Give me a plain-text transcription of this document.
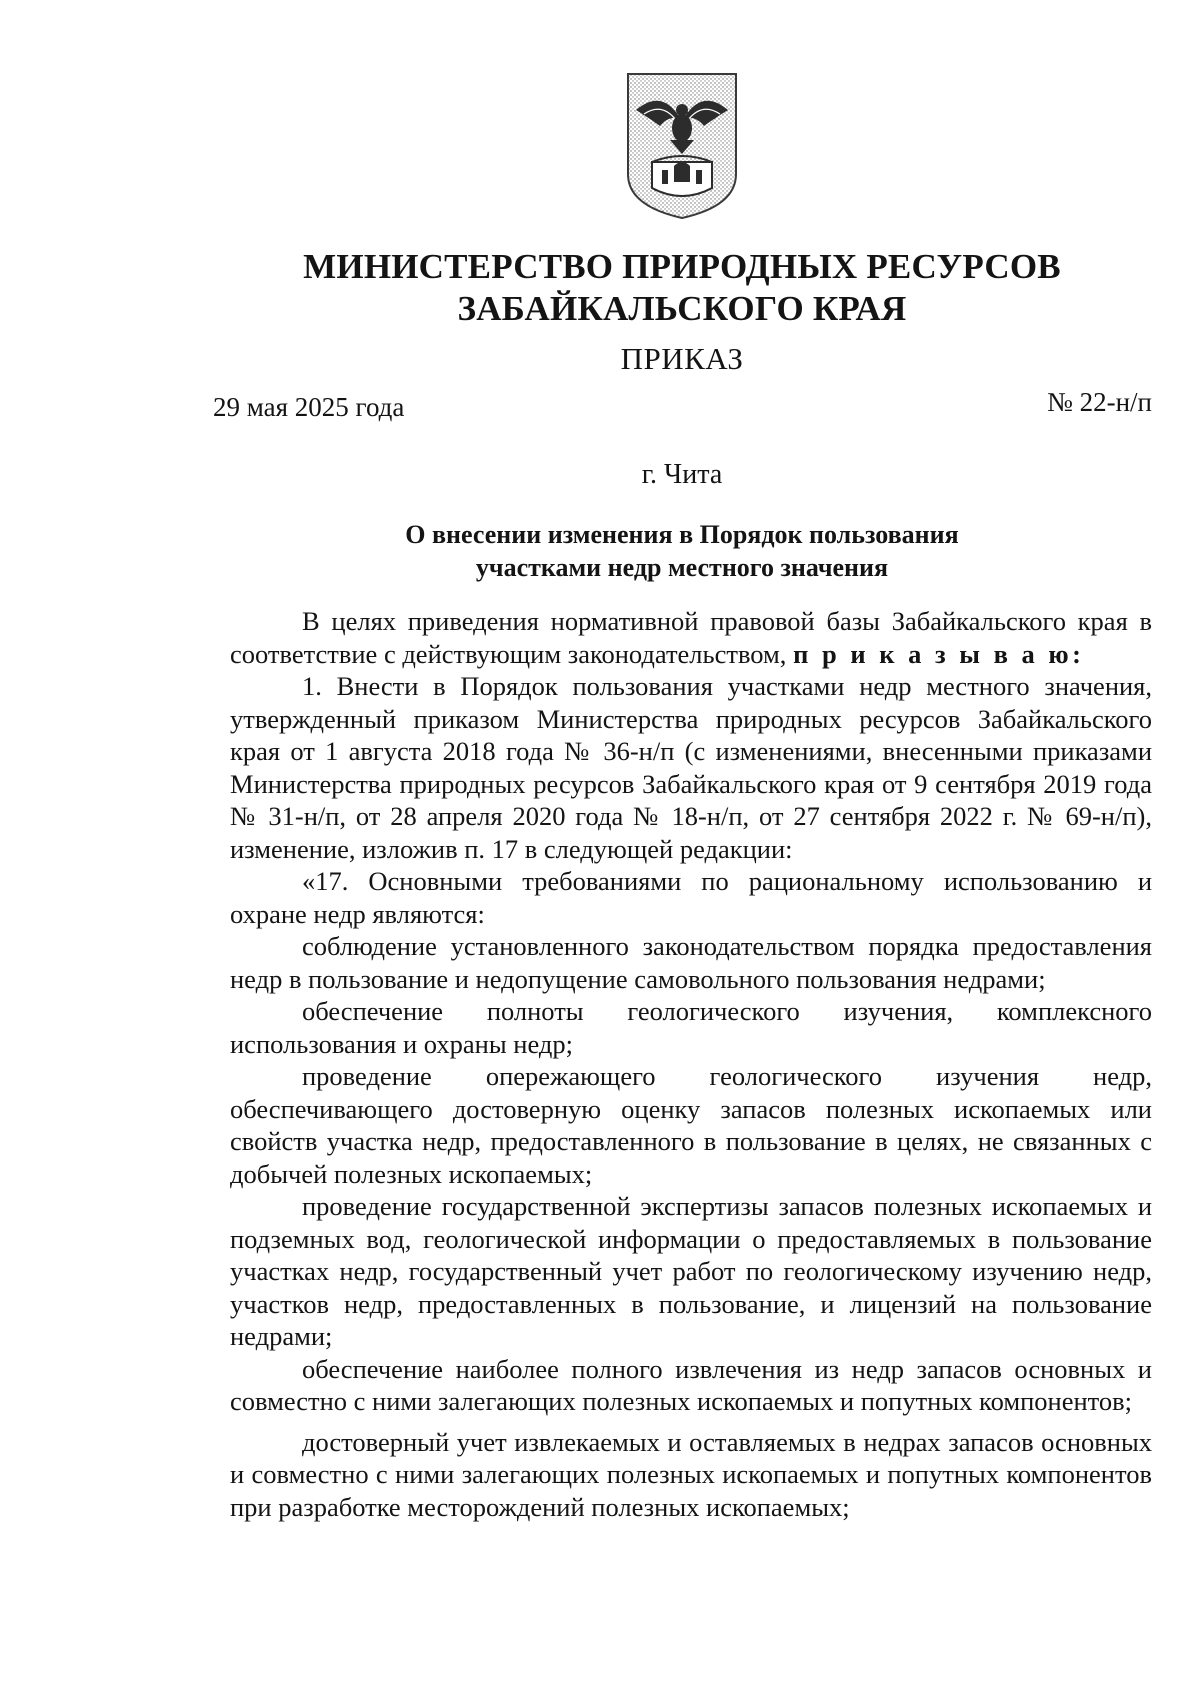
МИНИСТЕРСТВО ПРИРОДНЫХ РЕСУРСОВ
ЗАБАЙКАЛЬСКОГО КРАЯ
ПРИКАЗ
29 мая 2025 года	№ 22-н/п
г. Чита
О внесении изменения в Порядок пользования
участками недр местного значения

В целях приведения нормативной правовой базы Забайкальского края в соответствие с действующим законодательством, п р и к а з ы в а ю:

1. Внести в Порядок пользования участками недр местного значения, утвержденный приказом Министерства природных ресурсов Забайкальского края от 1 августа 2018 года № 36-н/п (с изменениями, внесенными приказами Министерства природных ресурсов Забайкальского края от 9 сентября 2019 года № 31-н/п, от 28 апреля 2020 года № 18-н/п, от 27 сентября 2022 г. № 69-н/п), изменение, изложив п. 17 в следующей редакции:

«17. Основными требованиями по рациональному использованию и охране недр являются:

соблюдение установленного законодательством порядка предоставления недр в пользование и недопущение самовольного пользования недрами;

обеспечение полноты геологического изучения, комплексного использования и охраны недр;

проведение опережающего геологического изучения недр, обеспечивающего достоверную оценку запасов полезных ископаемых или свойств участка недр, предоставленного в пользование в целях, не связанных с добычей полезных ископаемых;

проведение государственной экспертизы запасов полезных ископаемых и подземных вод, геологической информации о предоставляемых в пользование участках недр, государственный учет работ по геологическому изучению недр, участков недр, предоставленных в пользование, и лицензий на пользование недрами;

обеспечение наиболее полного извлечения из недр запасов основных и совместно с ними залегающих полезных ископаемых и попутных компонентов;

достоверный учет извлекаемых и оставляемых в недрах запасов основных и совместно с ними залегающих полезных ископаемых и попутных компонентов при разработке месторождений полезных ископаемых;
